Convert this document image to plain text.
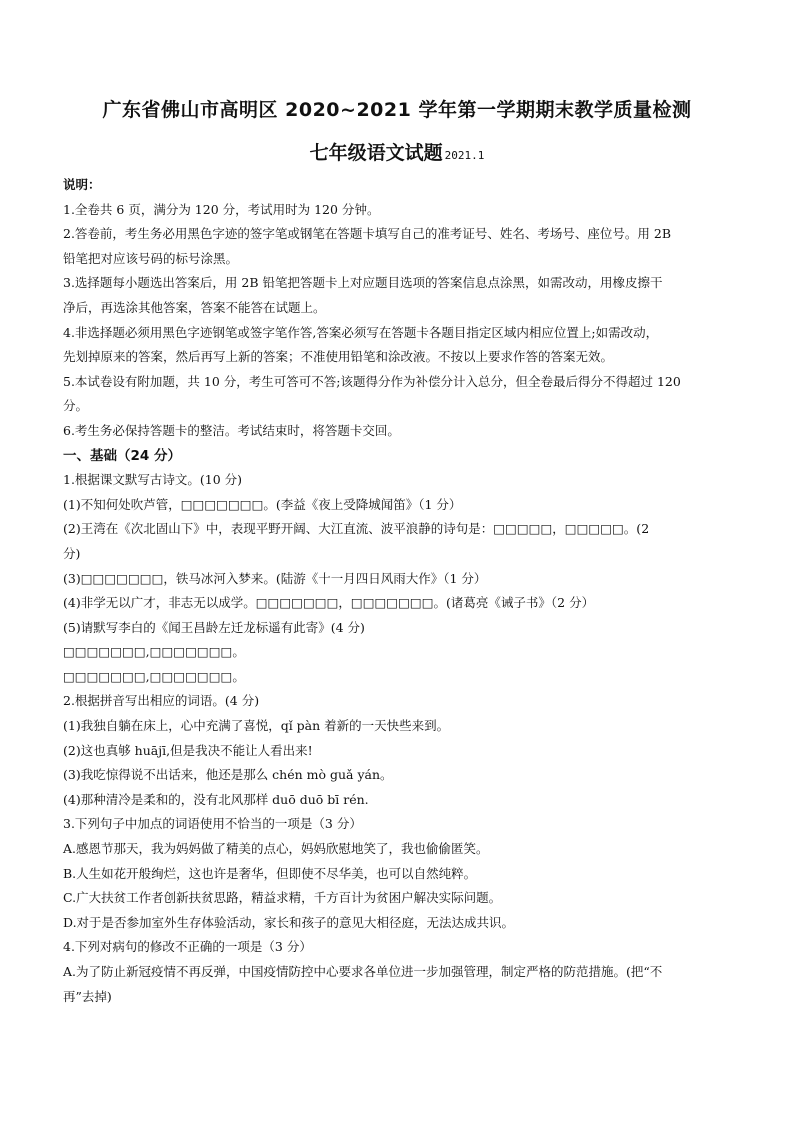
广东省佛山市高明区 2020~2021 学年第一学期期末教学质量检测
七年级语文试题 2021.1

说明：

1.全卷共 6 页，满分为 120 分，考试用时为 120 分钟。

2.答卷前，考生务必用黑色字迹的签字笔或钢笔在答题卡填写自己的准考证号、姓名、考场号、座位号。用 2B

铅笔把对应该号码的标号涂黑。

3.选择题每小题选出答案后，用 2B 铅笔把答题卡上对应题目选项的答案信息点涂黑，如需改动，用橡皮擦干

净后，再选涂其他答案，答案不能答在试题上。

4.非选择题必须用黑色字迹钢笔或签字笔作答,答案必须写在答题卡各题目指定区域内相应位置上;如需改动，

先划掉原来的答案，然后再写上新的答案；不准使用铅笔和涂改液。不按以上要求作答的答案无效。

5.本试卷设有附加题，共 10 分，考生可答可不答;该题得分作为补偿分计入总分，但全卷最后得分不得超过 120

分。

6.考生务必保持答题卡的整洁。考试结束时，将答题卡交回。

一、基础（24 分）

1.根据课文默写古诗文。(10 分)

(1)不知何处吹芦管，□□□□□□□。(李益《夜上受降城闻笛》（1 分）

(2)王湾在《次北固山下》中，表现平野开阔、大江直流、波平浪静的诗句是：□□□□□，□□□□□。(2

分)

(3)□□□□□□□，铁马冰河入梦来。(陆游《十一月四日风雨大作》（1 分）

(4)非学无以广才，非志无以成学。□□□□□□□，□□□□□□□。(诸葛亮《诫子书》（2 分）

(5)请默写李白的《闻王昌龄左迁龙标遥有此寄》(4 分)

□□□□□□□,□□□□□□□。

□□□□□□□,□□□□□□□。

2.根据拼音写出相应的词语。(4 分)

(1)我独自躺在床上，心中充满了喜悦，qǐ pàn 着新的一天快些来到。

(2)这也真够 huājī,但是我决不能让人看出来!

(3)我吃惊得说不出话来，他还是那么 chén mò guǎ yán。

(4)那种清冷是柔和的，没有北风那样 duō duō bī rén.

3.下列句子中加点的词语使用不恰当的一项是（3 分）

A.感恩节那天，我为妈妈做了精美的点心，妈妈欣慰地笑了，我也偷偷匿笑。

B.人生如花开般绚烂，这也许是奢华，但即使不尽华美，也可以自然纯粹。

C.广大扶贫工作者创新扶贫思路，精益求精，千方百计为贫困户解决实际问题。

D.对于是否参加室外生存体验活动，家长和孩子的意见大相径庭，无法达成共识。

4.下列对病句的修改不正确的一项是（3 分）

A.为了防止新冠疫情不再反弹，中国疫情防控中心要求各单位进一步加强管理，制定严格的防范措施。(把“不

再”去掉)
